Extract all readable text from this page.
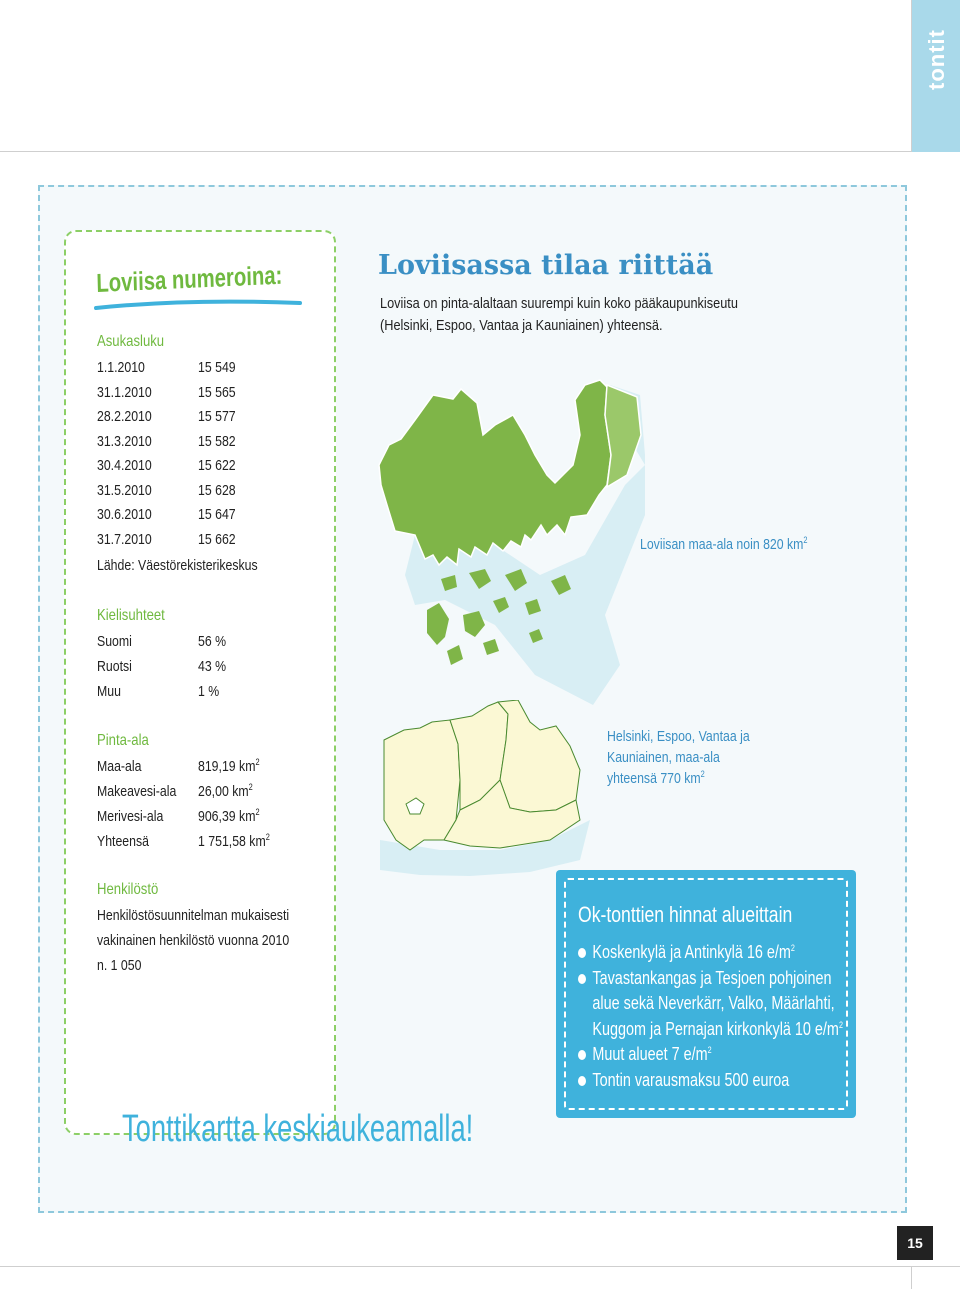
tontit
Loviisa numeroina:
Asukasluku
1.1.2010	15 549
31.1.2010	15 565
28.2.2010	15 577
31.3.2010	15 582
30.4.2010	15 622
31.5.2010	15 628
30.6.2010	15 647
31.7.2010	15 662
Lähde: Väestörekisterikeskus
Kielisuhteet
Suomi	56 %
Ruotsi	43 %
Muu	1 %
Pinta-ala
Maa-ala	819,19 $km^2$
Makeavesi-ala 26,00 $km^2$
Merivesi-ala 906,39 $km^2$
Yhteensä	1 751,58 $km^2$
Henkilöstö
Henkilöstösuunnitelman mukaisesti
vakinainen henkilöstö vuonna 2010
n. 1 050
Loviisassa tilaa riittää

Loviisa on pinta-alaltaan suurempi kuin koko pääkaupunkiseutu

(Helsinki, Espoo, Vantaa ja Kauniainen) yhteensä.

Loviisan maa-ala noin 820 $km^2$

Helsinki, Espoo, Vantaa ja

Kauniainen, maa-ala

yhteensä 770 $km^2$

Ok-tonttien hinnat alueittain
Koskenkylä ja Antinkylä 16 $e/m^2$
Tavastankangas ja Tesjoen pohjoinen
alue sekä Neverkärr, Valko, Määrlahti,
Kuggom ja Pernajan kirkonkylä 10 $e/m^2$
Muut alueet 7 $e/m^2$
Tontin varausmaksu 500 euroa
Tonttikartta keskiaukeamalla!
15
